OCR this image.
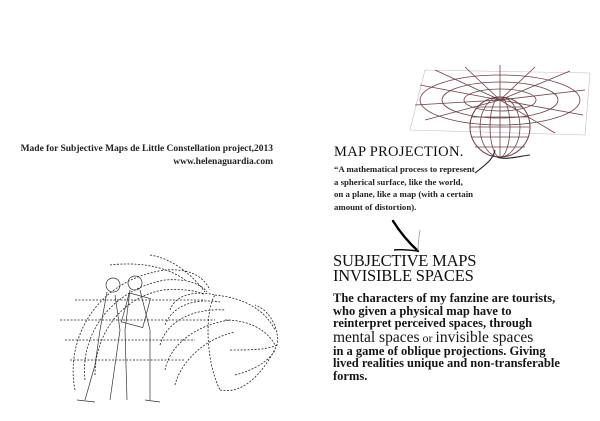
Made for Subjective Maps de Little Constellation project,2013
www.helenaguardia.com
MAP PROJECTION.
“A mathematical process to represent
a spherical surface, like the world,
on a plane, like a map (with a certain
amount of distortion).
SUBJECTIVE MAPS
INVISIBLE SPACES
The characters of my fanzine are tourists,
who given a physical map have to
reinterpret perceived spaces, through
mental spaces or invisible spaces
in a game of oblique projections. Giving
lived realities unique and non-transferable
forms.
